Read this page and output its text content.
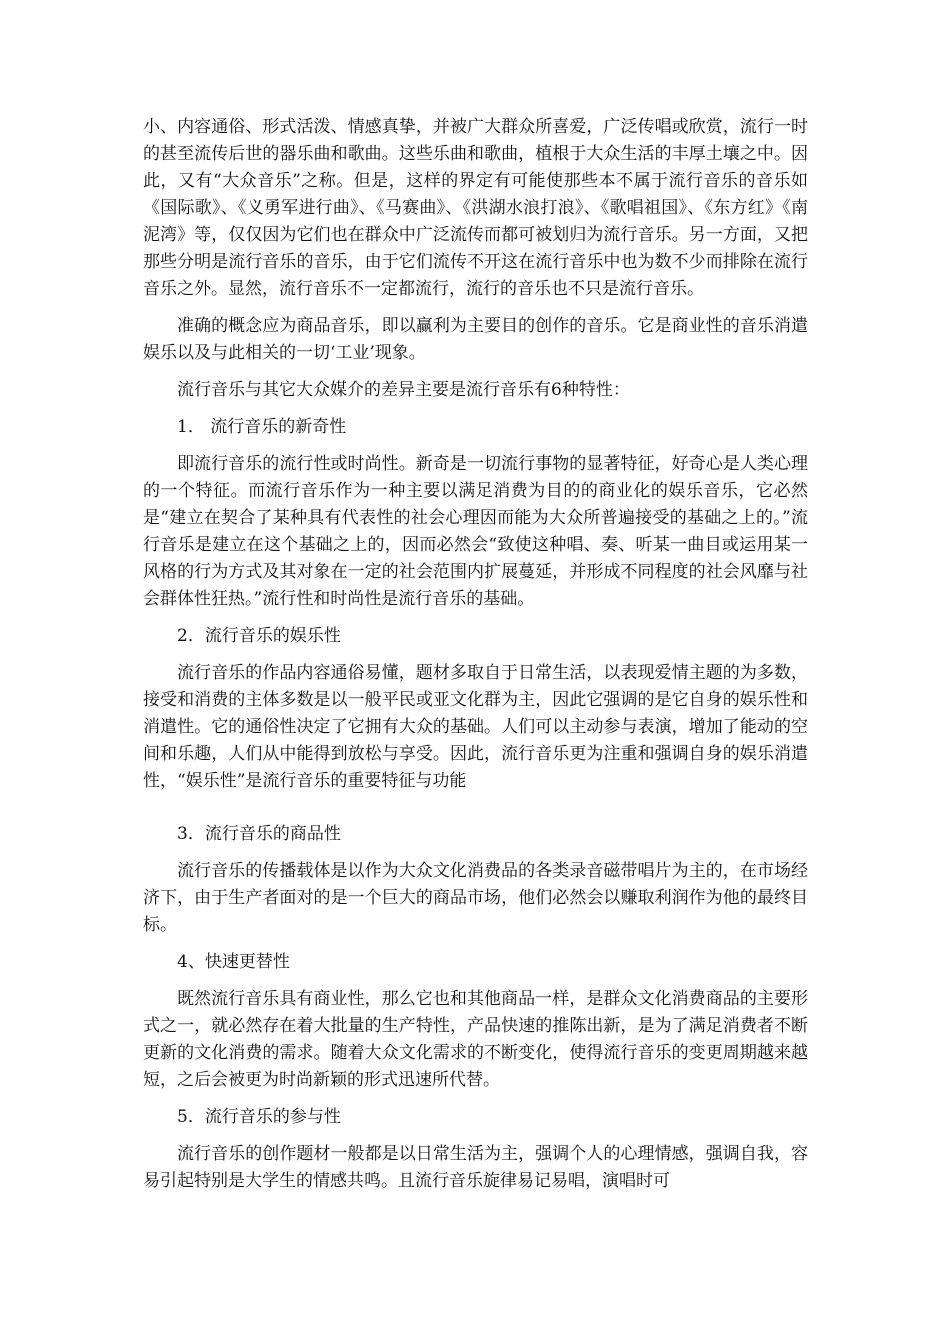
小、内容通俗、形式活泼、情感真挚，并被广大群众所喜爱，广泛传唱或欣赏，流行一时的甚至流传后世的器乐曲和歌曲。这些乐曲和歌曲，植根于大众生活的丰厚土壤之中。因此，又有“大众音乐”之称。但是，这样的界定有可能使那些本不属于流行音乐的音乐如《国际歌》、《义勇军进行曲》、《马赛曲》、《洪湖水浪打浪》、《歌唱祖国》、《东方红》《南泥湾》等，仅仅因为它们也在群众中广泛流传而都可被划归为流行音乐。另一方面，又把那些分明是流行音乐的音乐，由于它们流传不开这在流行音乐中也为数不少而排除在流行音乐之外。显然，流行音乐不一定都流行，流行的音乐也不只是流行音乐。

准确的概念应为商品音乐，即以赢利为主要目的创作的音乐。它是商业性的音乐消遣娱乐以及与此相关的一切‘工业’现象。

流行音乐与其它大众媒介的差异主要是流行音乐有6种特性：

1． 流行音乐的新奇性

即流行音乐的流行性或时尚性。新奇是一切流行事物的显著特征，好奇心是人类心理的一个特征。而流行音乐作为一种主要以满足消费为目的的商业化的娱乐音乐，它必然是“建立在契合了某种具有代表性的社会心理因而能为大众所普遍接受的基础之上的。”流行音乐是建立在这个基础之上的，因而必然会“致使这种唱、奏、听某一曲目或运用某一风格的行为方式及其对象在一定的社会范围内扩展蔓延，并形成不同程度的社会风靡与社会群体性狂热。”流行性和时尚性是流行音乐的基础。

2．流行音乐的娱乐性

流行音乐的作品内容通俗易懂，题材多取自于日常生活，以表现爱情主题的为多数，接受和消费的主体多数是以一般平民或亚文化群为主，因此它强调的是它自身的娱乐性和消遣性。它的通俗性决定了它拥有大众的基础。人们可以主动参与表演，增加了能动的空间和乐趣，人们从中能得到放松与享受。因此，流行音乐更为注重和强调自身的娱乐消遣性，“娱乐性”是流行音乐的重要特征与功能

3．流行音乐的商品性

流行音乐的传播载体是以作为大众文化消费品的各类录音磁带唱片为主的，在市场经济下，由于生产者面对的是一个巨大的商品市场，他们必然会以赚取利润作为他的最终目标。

4、快速更替性

既然流行音乐具有商业性，那么它也和其他商品一样，是群众文化消费商品的主要形式之一，就必然存在着大批量的生产特性，产品快速的推陈出新，是为了满足消费者不断更新的文化消费的需求。随着大众文化需求的不断变化，使得流行音乐的变更周期越来越短，之后会被更为时尚新颖的形式迅速所代替。

5．流行音乐的参与性

流行音乐的创作题材一般都是以日常生活为主，强调个人的心理情感，强调自我，容易引起特别是大学生的情感共鸣。且流行音乐旋律易记易唱，演唱时可
